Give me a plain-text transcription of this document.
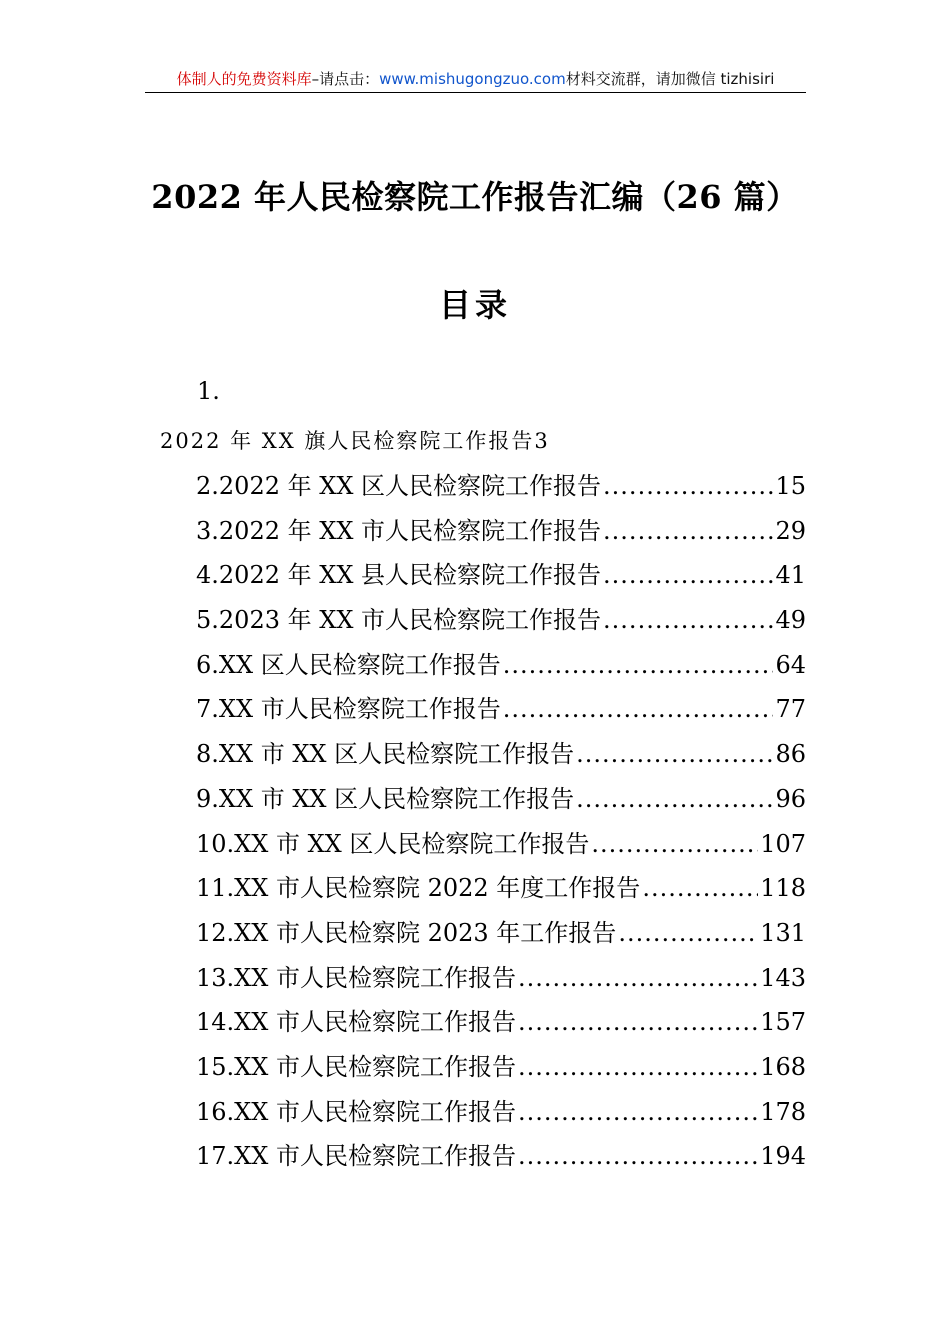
体制人的免费资料库–请点击：www.mishugongzuo.com材料交流群，请加微信 tizhisiri
2022 年人民检察院工作报告汇编（26 篇）
目录
1.
2022 年 XX 旗人民检察院工作报告3
2.2022 年 XX 区人民检察院工作报告 .....	15
3.2022 年 XX 市人民检察院工作报告 .....	29
4.2022 年 XX 县人民检察院工作报告 .....	41
5.2023 年 XX 市人民检察院工作报告 .....	49
6.XX 区人民检察院工作报告 .....	64
7.XX 市人民检察院工作报告 .....	77
8.XX 市 XX 区人民检察院工作报告 .....	86
9.XX 市 XX 区人民检察院工作报告 .....	96
10.XX 市 XX 区人民检察院工作报告 .....	107
11.XX 市人民检察院 2022 年度工作报告 .....	118
12.XX 市人民检察院 2023 年工作报告 .....	131
13.XX 市人民检察院工作报告 .....	143
14.XX 市人民检察院工作报告 .....	157
15.XX 市人民检察院工作报告 .....	168
16.XX 市人民检察院工作报告 .....	178
17.XX 市人民检察院工作报告 .....	194
